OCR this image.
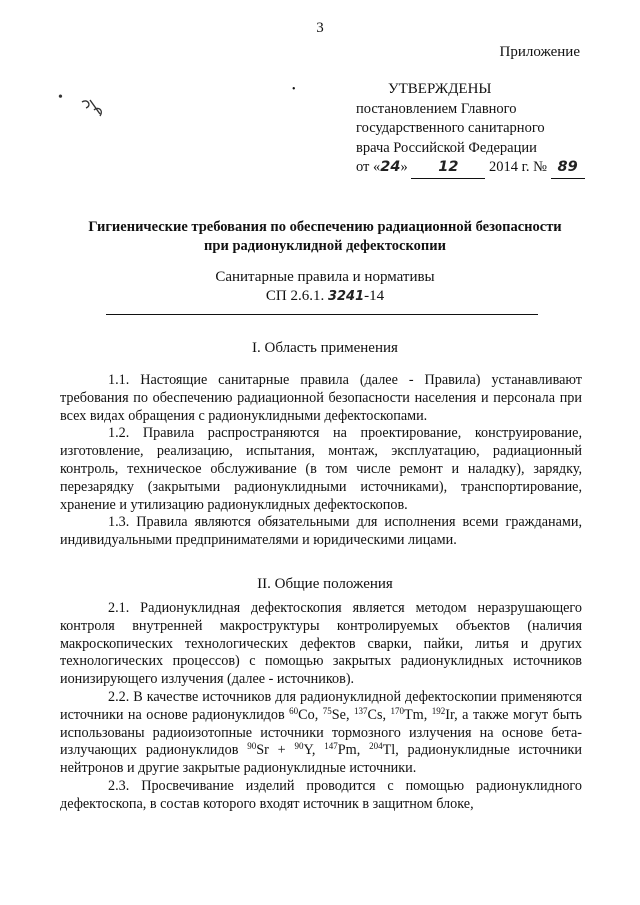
3
Приложение
•
•	УТВЕРЖДЕНЫ
постановлением Главного
государственного санитарного
врача Российской Федерации
от «24» 12 2014 г. № 89
Гигиенические требования по обеспечению радиационной безопасности
при радионуклидной дефектоскопии
Санитарные правила и нормативы
СП 2.6.1. 3241-14
I. Область применения

1.1. Настоящие санитарные правила (далее - Правила) устанавливают требования по обеспечению радиационной безопасности населения и персонала при всех видах обращения с радионуклидными дефектоскопами.

1.2. Правила распространяются на проектирование, конструирование, изготовление, реализацию, испытания, монтаж, эксплуатацию, радиационный контроль, техническое обслуживание (в том числе ремонт и наладку), зарядку, перезарядку (закрытыми радионуклидными источниками), транспортирование, хранение и утилизацию радионуклидных дефектоскопов.

1.3. Правила являются обязательными для исполнения всеми гражданами, индивидуальными предпринимателями и юридическими лицами.

II. Общие положения

2.1. Радионуклидная дефектоскопия является методом неразрушающего контроля внутренней макроструктуры контролируемых объектов (наличия макроскопических технологических дефектов сварки, пайки, литья и других технологических процессов) с помощью закрытых радионуклидных источников ионизирующего излучения (далее - источников).

2.2. В качестве источников для радионуклидной дефектоскопии применяются источники на основе радионуклидов $^{60}$Co, $^{75}$Se, $^{137}$Cs, $^{170}$Tm, $^{192}$Ir, а также могут быть использованы радиоизотопные источники тормозного излучения на основе бета-излучающих радионуклидов $^{90}$Sr + $^{90}$Y, $^{147}$Pm, $^{204}$Tl, радионуклидные источники нейтронов и другие закрытые радионуклидные источники.

2.3. Просвечивание изделий проводится с помощью радионуклидного дефектоскопа, в состав которого входят источник в защитном блоке,
